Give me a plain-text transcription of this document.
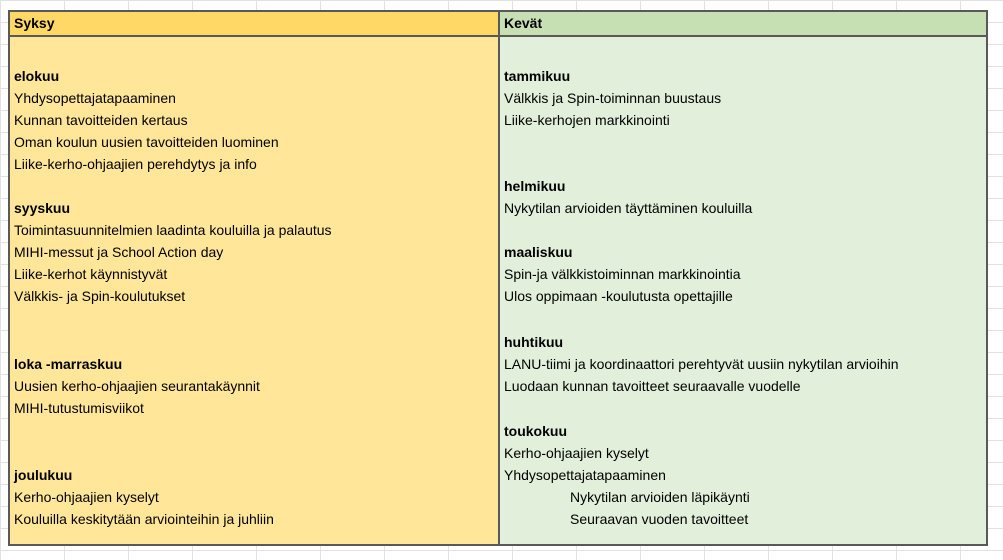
Syksy	Kevät
elokuu
Yhdysopettajatapaaminen
Kunnan tavoitteiden kertaus
Oman koulun uusien tavoitteiden luominen
Liike-kerho-ohjaajien perehdytys ja info
syyskuu
Toimintasuunnitelmien laadinta kouluilla ja palautus
MIHI-messut ja School Action day
Liike-kerhot käynnistyvät
Välkkis- ja Spin-koulutukset
loka -marraskuu
Uusien kerho-ohjaajien seurantakäynnit
MIHI-tutustumisviikot
joulukuu
Kerho-ohjaajien kyselyt
Kouluilla keskitytään arviointeihin ja juhliin
tammikuu
Välkkis ja Spin-toiminnan buustaus
Liike-kerhojen markkinointi
helmikuu
Nykytilan arvioiden täyttäminen kouluilla
maaliskuu
Spin-ja välkkistoiminnan markkinointia
Ulos oppimaan -koulutusta opettajille
huhtikuu
LANU-tiimi ja koordinaattori perehtyvät uusiin nykytilan arvioihin
Luodaan kunnan tavoitteet seuraavalle vuodelle
toukokuu
Kerho-ohjaajien kyselyt
Yhdysopettajatapaaminen
Nykytilan arvioiden läpikäynti
Seuraavan vuoden tavoitteet
